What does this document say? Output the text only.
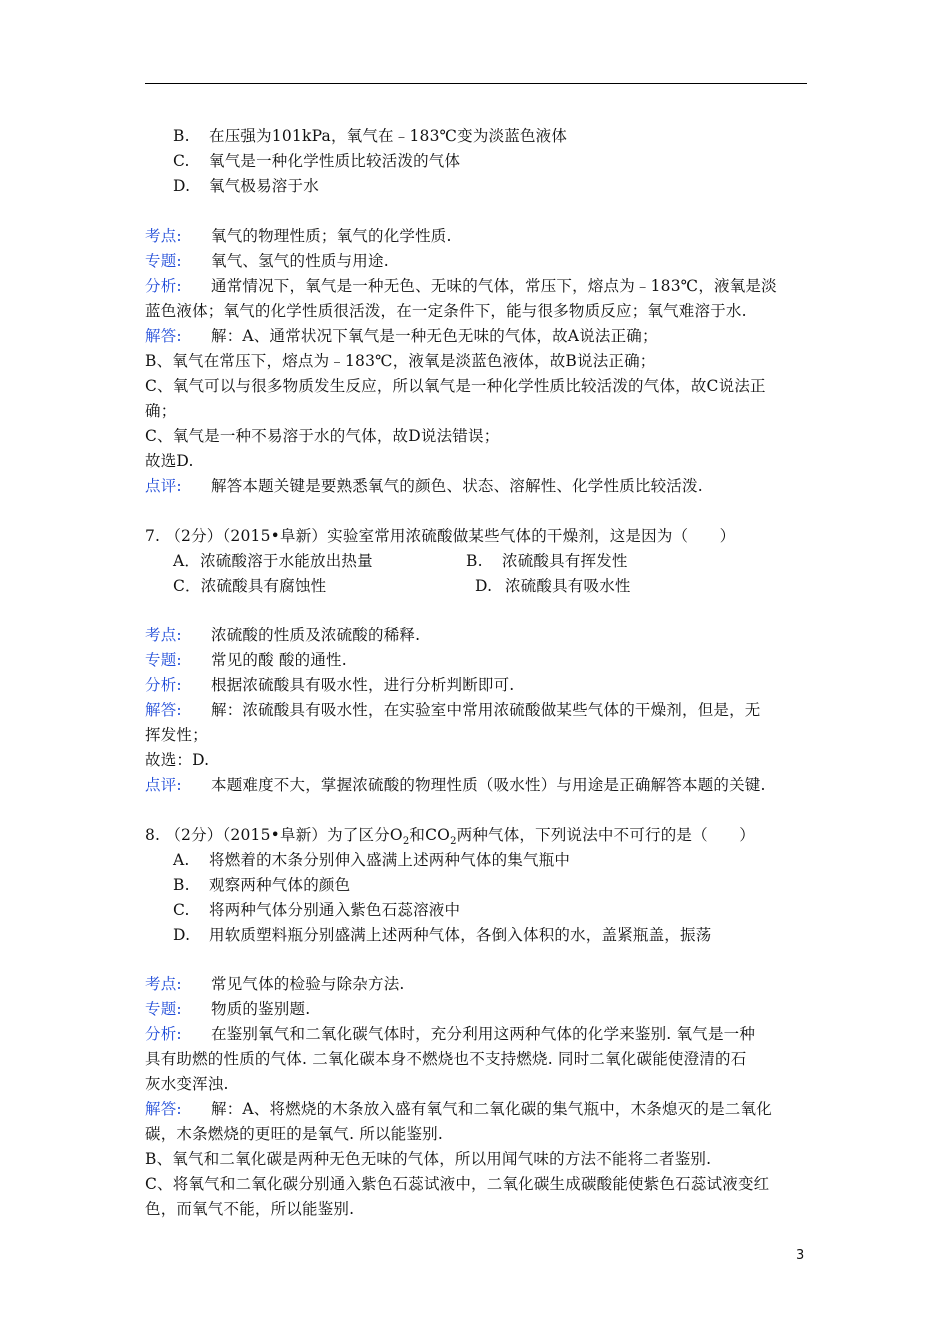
B. 在压强为101kPa，氧气在﹣183℃变为淡蓝色液体
C. 氧气是一种化学性质比较活泼的气体
D. 氧气极易溶于水
考点: 氧气的物理性质；氧气的化学性质.
专题: 氧气、氢气的性质与用途.
分析: 通常情况下，氧气是一种无色、无味的气体，常压下，熔点为﹣183℃，液氧是淡
蓝色液体；氧气的化学性质很活泼，在一定条件下，能与很多物质反应；氧气难溶于水.
解答: 解：A、通常状况下氧气是一种无色无味的气体，故A说法正确；
B、氧气在常压下，熔点为﹣183℃，液氧是淡蓝色液体，故B说法正确；
C、氧气可以与很多物质发生反应，所以氧气是一种化学性质比较活泼的气体，故C说法正
确；
C、氧气是一种不易溶于水的气体，故D说法错误；
故选D.
点评: 解答本题关键是要熟悉氧气的颜色、状态、溶解性、化学性质比较活泼.
7. （2分）（2015•阜新）实验室常用浓硫酸做某些气体的干燥剂，这是因为（　　）
A．浓硫酸溶于水能放出热量	B. 浓硫酸具有挥发性
C．浓硫酸具有腐蚀性	D. 浓硫酸具有吸水性
考点: 浓硫酸的性质及浓硫酸的稀释.
专题: 常见的酸 酸的通性.
分析: 根据浓硫酸具有吸水性，进行分析判断即可.
解答: 解：浓硫酸具有吸水性，在实验室中常用浓硫酸做某些气体的干燥剂，但是，无
挥发性；
故选：D.
点评: 本题难度不大，掌握浓硫酸的物理性质（吸水性）与用途是正确解答本题的关键.
8. （2分）（2015•阜新）为了区分$O_2$和$CO_2$两种气体，下列说法中不可行的是（　　）
A. 将燃着的木条分别伸入盛满上述两种气体的集气瓶中
B. 观察两种气体的颜色
C. 将两种气体分别通入紫色石蕊溶液中
D. 用软质塑料瓶分别盛满上述两种气体，各倒入体积的水，盖紧瓶盖，振荡
考点: 常见气体的检验与除杂方法.
专题: 物质的鉴别题.
分析: 在鉴别氧气和二氧化碳气体时，充分利用这两种气体的化学来鉴别. 氧气是一种
具有助燃的性质的气体. 二氧化碳本身不燃烧也不支持燃烧. 同时二氧化碳能使澄清的石
灰水变浑浊.
解答: 解：A、将燃烧的木条放入盛有氧气和二氧化碳的集气瓶中，木条熄灭的是二氧化
碳，木条燃烧的更旺的是氧气. 所以能鉴别.
B、氧气和二氧化碳是两种无色无味的气体，所以用闻气味的方法不能将二者鉴别.
C、将氧气和二氧化碳分别通入紫色石蕊试液中，二氧化碳生成碳酸能使紫色石蕊试液变红
色，而氧气不能，所以能鉴别.
3
